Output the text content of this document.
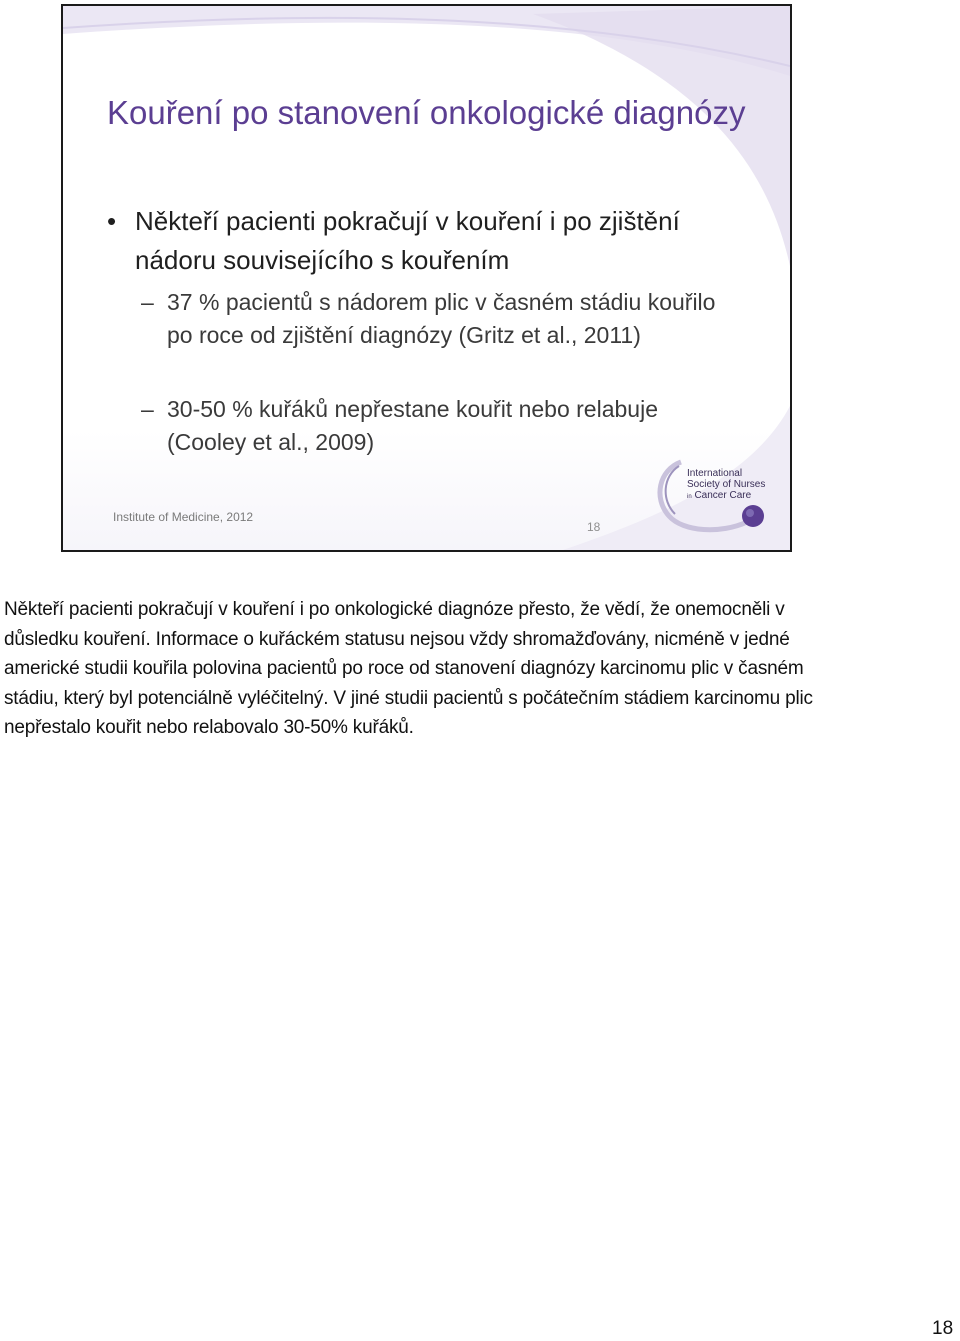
Kouření po stanovení onkologické diagnózy
• Někteří pacienti pokračují v kouření i po zjištění nádoru souvisejícího s kouřením
– 37 % pacientů s nádorem plic v časném stádiu kouřilo po roce od zjištění diagnózy (Gritz et al., 2011)
– 30-50 % kuřáků nepřestane kouřit nebo relabuje (Cooley et al., 2009)
Institute of Medicine, 2012
18
International
Society of Nurses
in Cancer Care

Někteří pacienti pokračují v kouření i po onkologické diagnóze přesto, že vědí, že onemocněli v důsledku kouření. Informace o kuřáckém statusu nejsou vždy shromažďovány, nicméně v jedné americké studii kouřila polovina pacientů po roce od stanovení diagnózy karcinomu plic v časném stádiu, který byl potenciálně vyléčitelný. V jiné studii pacientů s počátečním stádiem karcinomu plic nepřestalo kouřit nebo relabovalo 30-50% kuřáků.

18
